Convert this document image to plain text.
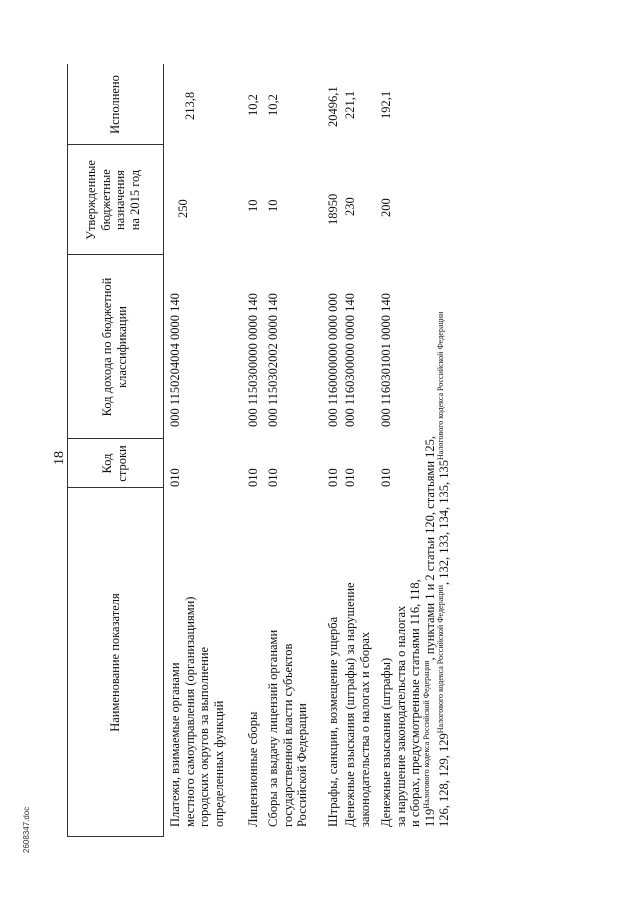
18
2608347.doc
Наименование показателя
Код строки
Код дохода по бюджетной классификации
Утвержденные бюджетные назначения на 2015 год
Исполнено
Платежи, взимаемые органами местного самоуправления (организациями) городских округов за выполнение определенных функций
010
000 1150204004 0000 140
250
213,8
Лицензионные сборы
010
000 1150300000 0000 140
10
10,2
Сборы за выдачу лицензий органами государственной власти субъектов Российской Федерации
010
000 1150302002 0000 140
10
10,2
Штрафы, санкции, возмещение ущерба
010
000 1160000000 0000 000
18950
20496,1
Денежные взыскания (штрафы) за нарушение законодательства о налогах и сборах
010
000 1160300000 0000 140
230
221,1
Денежные взыскания (штрафы) за нарушение законодательства о налогах и сборах, предусмотренные статьями 116, 118, $119^{Налогового кодекса Российской Федерации}$, пунктами 1 и 2 статьи 120, статьями 125,
126, 128, 129, $129^{Налогового кодекса Российской Федерации}$, 132, 133, 134, 135, $135^{Налогового кодекса Российской Федерации}$
010
000 1160301001 0000 140
200
192,1
